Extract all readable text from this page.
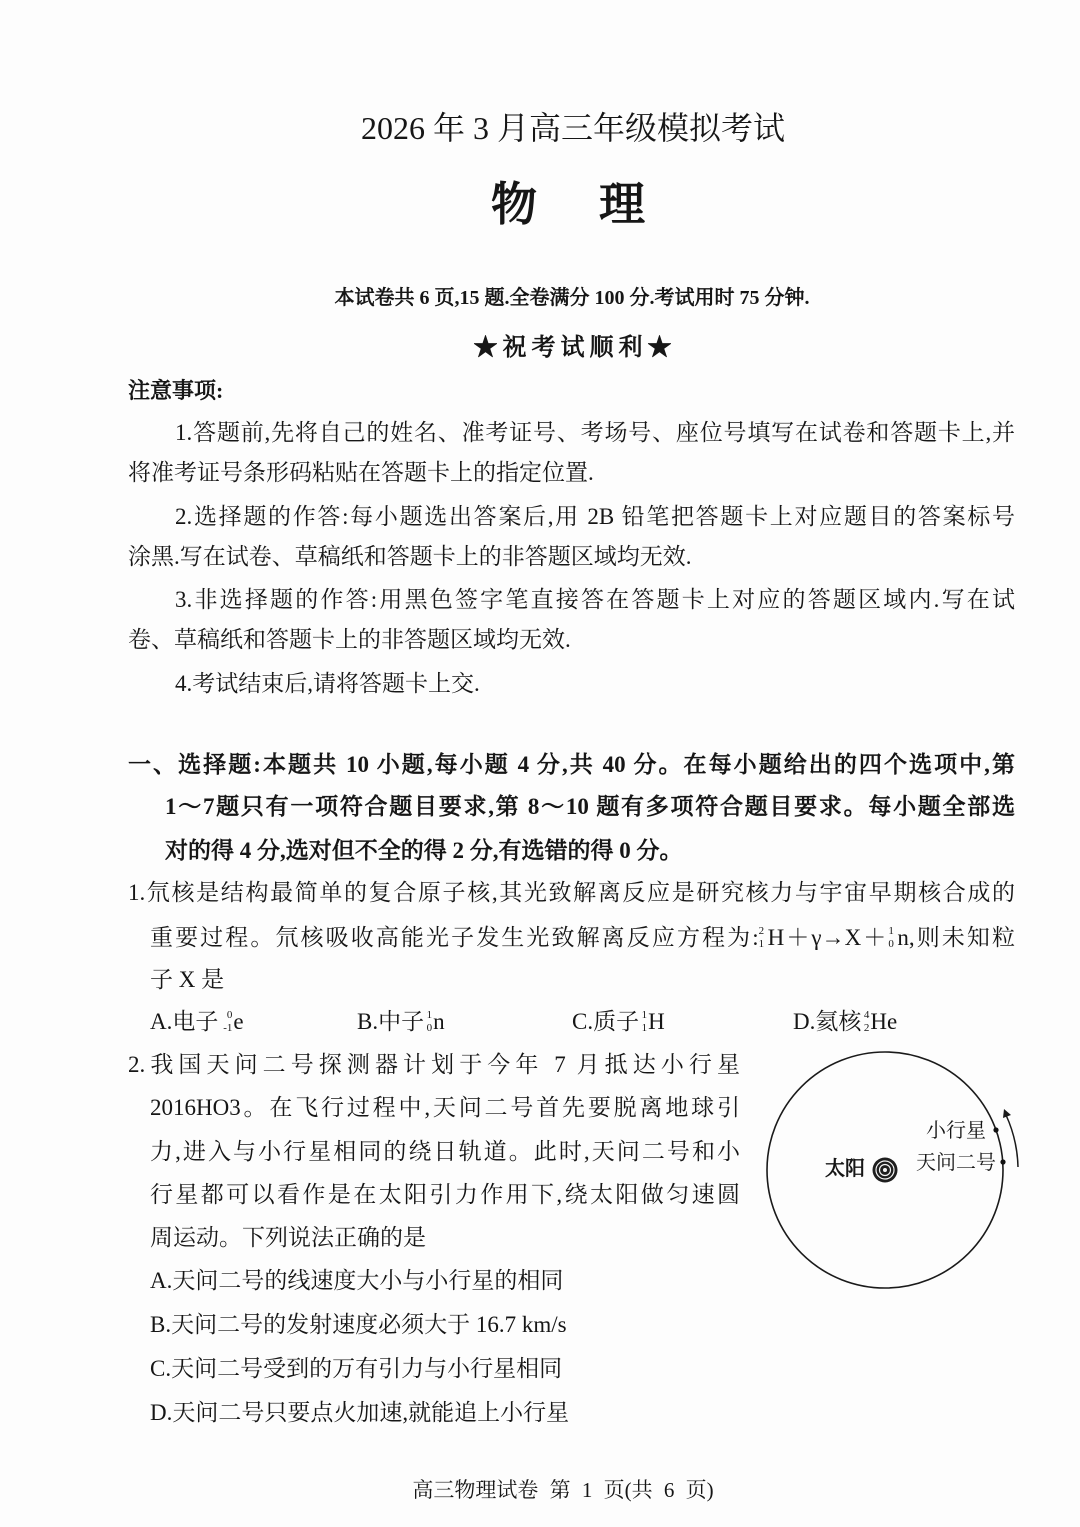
2026 年 3 月高三年级模拟考试
物　理
本试卷共 6 页,15 题.全卷满分 100 分.考试用时 75 分钟.
★祝考试顺利★
注意事项:
1.答题前,先将自己的姓名、准考证号、考场号、座位号填写在试卷和答题卡上,并
将准考证号条形码粘贴在答题卡上的指定位置.
2.选择题的作答:每小题选出答案后,用 2B 铅笔把答题卡上对应题目的答案标号
涂黑.写在试卷、草稿纸和答题卡上的非答题区域均无效.
3.非选择题的作答:用黑色签字笔直接答在答题卡上对应的答题区域内.写在试
卷、草稿纸和答题卡上的非答题区域均无效.
4.考试结束后,请将答题卡上交.
一、选择题:本题共 10 小题,每小题 4 分,共 40 分。在每小题给出的四个选项中,第
1～7题只有一项符合题目要求,第 8～10 题有多项符合题目要求。每小题全部选
对的得 4 分,选对但不全的得 2 分,有选错的得 0 分。
1.氘核是结构最简单的复合原子核,其光致解离反应是研究核力与宇宙早期核合成的
重要过程。氘核吸收高能光子发生光致解离反应方程为: 2
1 H＋γ→X＋ 1
0 n,则未知粒
子 X 是
A.电子 0
-1 e	B.中子 1
0 n	C.质子 1
1 H	D.氦核 4
2 He
2.我国天问二号探测器计划于今年 7 月抵达小行星
2016HO3。在飞行过程中,天问二号首先要脱离地球引
力,进入与小行星相同的绕日轨道。此时,天问二号和小
行星都可以看作是在太阳引力作用下,绕太阳做匀速圆
周运动。下列说法正确的是
A.天问二号的线速度大小与小行星的相同
B.天问二号的发射速度必须大于 16.7 km/s
C.天问二号受到的万有引力与小行星相同
D.天问二号只要点火加速,就能追上小行星
太阳
小行星
天问二号
高三物理试卷 第 1 页(共 6 页)
